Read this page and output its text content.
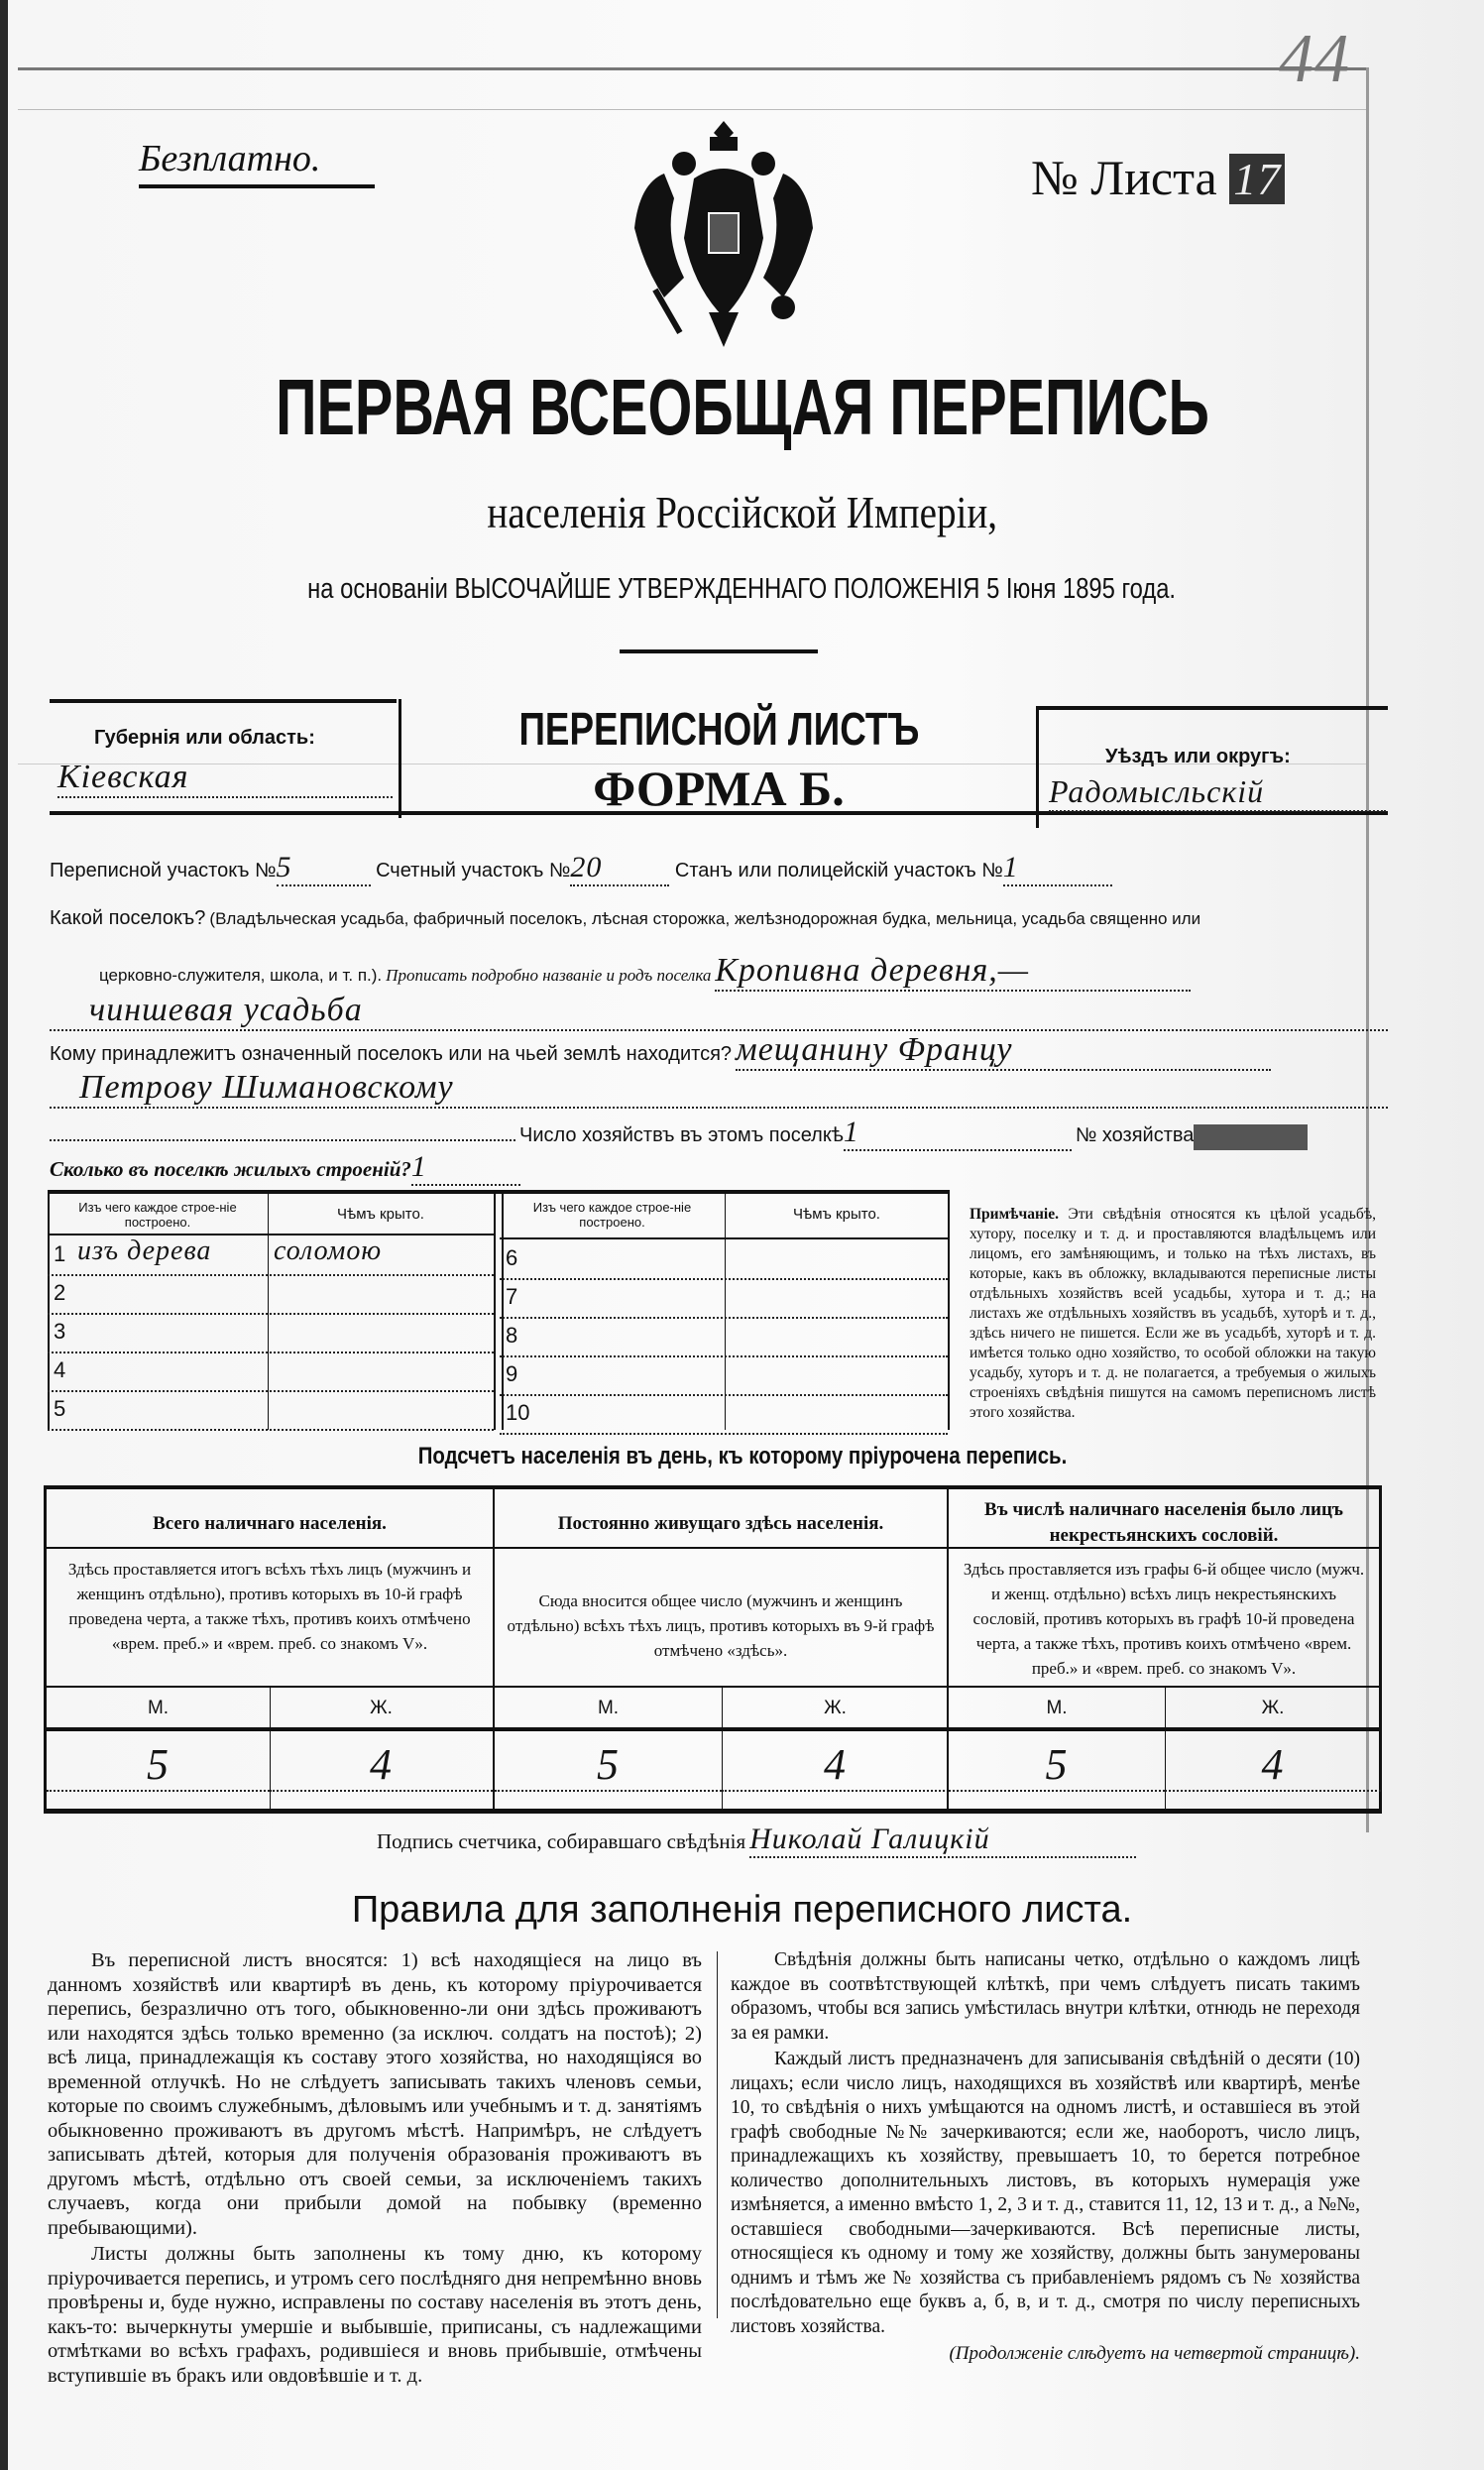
Безплатно.	№ Листа 17
44
ПЕРВАЯ ВСЕОБЩАЯ ПЕРЕПИСЬ
населенія Россійской Имперіи,
на основаніи ВЫСОЧАЙШЕ УТВЕРЖДЕННАГО ПОЛОЖЕНІЯ 5 Іюня 1895 года.
Губернія или область:
Кіевская
ПЕРЕПИСНОЙ ЛИСТЪ
ФОРМА Б.
Уѣздъ или округъ:
Радомысльскій
Переписной участокъ №5	Счетный участокъ №20	Станъ или полицейскій участокъ №1
Какой поселокъ? (Владѣльческая усадьба, фабричный поселокъ, лѣсная сторожка, желѣзнодорожная будка, мельница, усадьба священно или
церковно-служителя, школа, и т. п.). Прописать подробно названіе и родъ поселка Кропивна деревня,—
чиншевая усадьба
Кому принадлежитъ означенный поселокъ или на чьей землѣ находится? мещанину Францу
Петрову Шимановскому
Число хозяйствъ въ этомъ поселкѣ1	№ хозяйства
Сколько въ поселкѣ жилыхъ строеній?1
Изъ чего каждое строе-ніе построено.	Чѣмъ крыто.	Изъ чего каждое строе-ніе построено.	Чѣмъ крыто.
1 изъ дерева	соломою
2
3
4
5
6
7
8
9
10
Примѣчаніе. Эти свѣдѣнія относятся къ цѣлой усадьбѣ, хутору, поселку и т. д. и проставляются владѣльцемъ или лицомъ, его замѣняющимъ, и только на тѣхъ листахъ, въ которые, какъ въ обложку, вкладываются переписные листы отдѣльныхъ хозяйствъ всей усадьбы, хутора и т. д.; на листахъ же отдѣльныхъ хозяйствъ въ усадьбѣ, хуторѣ и т. д., здѣсь ничего не пишется. Если же въ усадьбѣ, хуторѣ и т. д. имѣется только одно хозяйство, то особой обложки на такую усадьбу, хуторъ и т. д. не полагается, а требуемыя о жилыхъ строеніяхъ свѣдѣнія пишутся на самомъ переписномъ листѣ этого хозяйства.
Подсчетъ населенія въ день, къ которому пріурочена перепись.
Всего наличнаго населенія.
Здѣсь проставляется итогъ всѣхъ тѣхъ лицъ (мужчинъ и женщинъ отдѣльно), противъ которыхъ въ 10-й графѣ проведена черта, а также тѣхъ, противъ коихъ отмѣчено «врем. преб.» и «врем. преб. со знакомъ V».
М.	Ж.
5	4
Постоянно живущаго здѣсь населенія.
Сюда вносится общее число (мужчинъ и женщинъ отдѣльно) всѣхъ тѣхъ лицъ, противъ которыхъ въ 9-й графѣ отмѣчено «здѣсь».
М.	Ж.
5	4
Въ числѣ наличнаго населенія было лицъ некрестьянскихъ сословій.
Здѣсь проставляется изъ графы 6-й общее число (мужч. и женщ. отдѣльно) всѣхъ лицъ некрестьянскихъ сословій, противъ которыхъ въ графѣ 10-й проведена черта, а также тѣхъ, противъ коихъ отмѣчено «врем. преб.» и «врем. преб. со знакомъ V».
М.	Ж.
5	4
Подпись счетчика, собиравшаго свѣдѣнія Николай Галицкій
Правила для заполненія переписного листа.

Въ переписной листъ вносятся: 1) всѣ находящіеся на лицо въ данномъ хозяйствѣ или квартирѣ въ день, къ которому пріурочивается перепись, безразлично отъ того, обыкновенно-ли они здѣсь проживаютъ или находятся здѣсь только временно (за исключ. солдатъ на постоѣ); 2) всѣ лица, принадлежащія къ составу этого хозяйства, но находящіяся во временной отлучкѣ. Но не слѣдуетъ записывать такихъ членовъ семьи, которые по своимъ служебнымъ, дѣловымъ или учебнымъ и т. д. занятіямъ обыкновенно проживаютъ въ другомъ мѣстѣ. Напримѣръ, не слѣдуетъ записывать дѣтей, которыя для полученія образованія проживаютъ въ другомъ мѣстѣ, отдѣльно отъ своей семьи, за исключеніемъ такихъ случаевъ, когда они прибыли домой на побывку (временно пребывающими).

Листы должны быть заполнены къ тому дню, къ которому пріурочивается перепись, и утромъ сего послѣдняго дня непремѣнно вновь провѣрены и, буде нужно, исправлены по составу населенія въ этотъ день, какъ-то: вычеркнуты умершіе и выбывшіе, приписаны, съ надлежащими отмѣтками во всѣхъ графахъ, родившіеся и вновь прибывшіе, отмѣчены вступившіе въ бракъ или овдовѣвшіе и т. д.

Свѣдѣнія должны быть написаны четко, отдѣльно о каждомъ лицѣ каждое въ соотвѣтствующей клѣткѣ, при чемъ слѣдуетъ писать такимъ образомъ, чтобы вся запись умѣстилась внутри клѣтки, отнюдь не переходя за ея рамки.

Каждый листъ предназначенъ для записыванія свѣдѣній о десяти (10) лицахъ; если число лицъ, находящихся въ хозяйствѣ или квартирѣ, менѣе 10, то свѣдѣнія о нихъ умѣщаются на одномъ листѣ, и оставшіеся въ этой графѣ свободные №№ зачеркиваются; если же, наоборотъ, число лицъ, принадлежащихъ къ хозяйству, превышаетъ 10, то берется потребное количество дополнительныхъ листовъ, въ которыхъ нумерація уже измѣняется, а именно вмѣсто 1, 2, 3 и т. д., ставится 11, 12, 13 и т. д., а №№, оставшіеся свободными—зачеркиваются. Всѣ переписные листы, относящіеся къ одному и тому же хозяйству, должны быть занумерованы однимъ и тѣмъ же № хозяйства съ прибавленіемъ рядомъ съ № хозяйства послѣдовательно еще буквъ а, б, в, и т. д., смотря по числу переписныхъ листовъ хозяйства.

(Продолженіе слѣдуетъ на четвертой страницѣ).
